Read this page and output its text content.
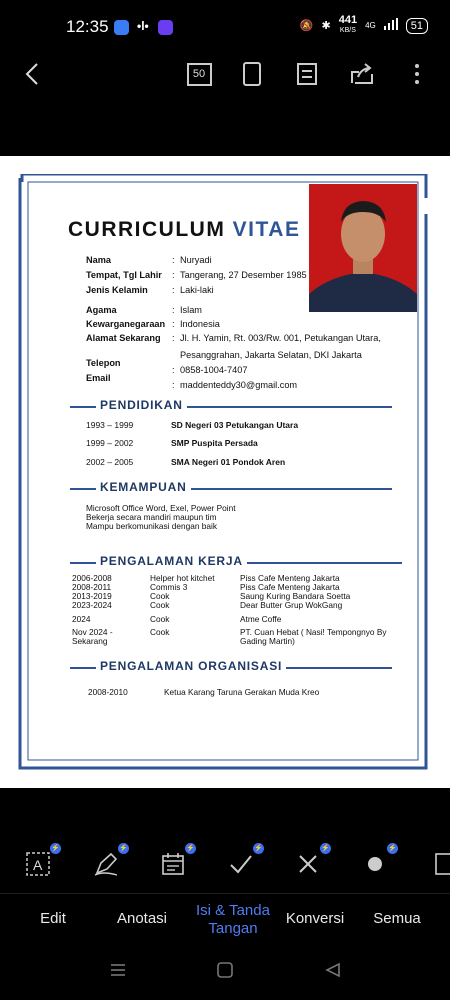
12:35 •l•	🔕 ✱ 441
KB/S
4G	51
50
CURRICULUM VITAE
Nama	: Nuryadi
Tempat, Tgl Lahir : Tangerang, 27 Desember 1985
Jenis Kelamin	: Laki-laki
Agama	: Islam
Kewarganegaraan : Indonesia
Alamat Sekarang : Jl. H. Yamin, Rt. 003/Rw. 001, Petukangan Utara,
Pesanggrahan, Jakarta Selatan, DKI Jakarta
Telepon
: 0858-1004-7407
Email
: maddenteddy30@gmail.com
PENDIDIKAN
1993 – 1999	SD Negeri 03 Petukangan Utara
1999 – 2002	SMP Puspita Persada
2002 – 2005	SMA Negeri 01 Pondok Aren
KEMAMPUAN
Microsoft Office Word, Exel, Power Point
Bekerja secara mandiri maupun tim
Mampu berkomunikasi dengan baik
PENGALAMAN KERJA
2006-2008	Helper hot kitchet	Piss Cafe Menteng Jakarta
2008-2011	Commis 3	Piss Cafe Menteng Jakarta
2013-2019	Cook	Saung Kuring Bandara Soetta
2023-2024	Cook	Dear Butter Grup WokGang
2024	Cook	Atme Coffe
Nov 2024 -	Cook	PT. Cuan Hebat ( Nasi! Tempongnyo By
Sekarang	Gading Martin)
PENGALAMAN ORGANISASI
2008-2010	Ketua Karang Taruna Gerakan Muda Kreo
A
⚡	⚡	⚡	⚡	⚡	⚡
Edit	Anotasi	Isi & Tanda Tangan
Konversi	Semua
